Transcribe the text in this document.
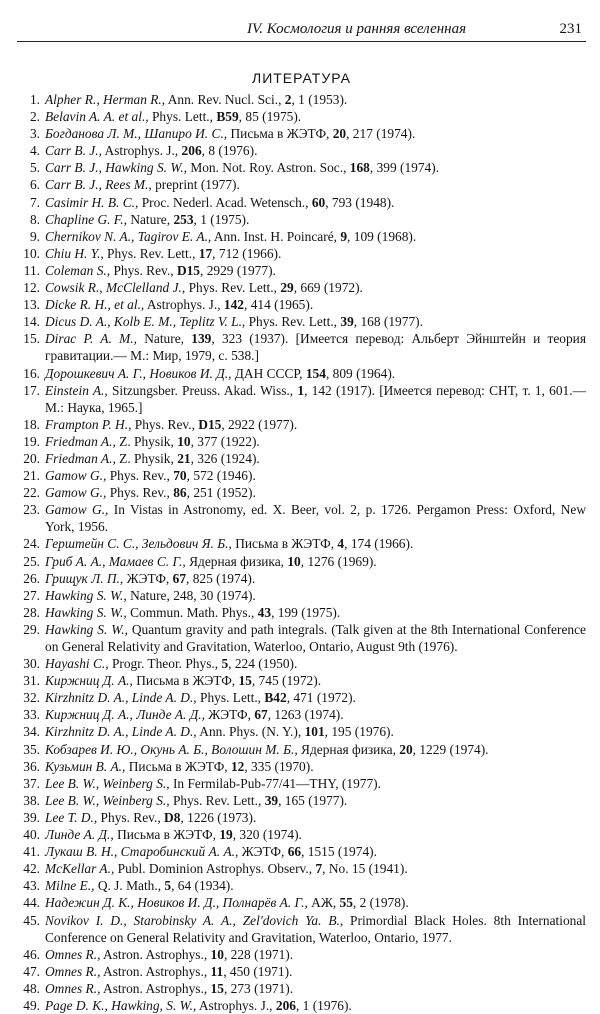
IV. Космология и ранняя вселенная	231
ЛИТЕРАТУРА
1. Alpher R., Herman R., Ann. Rev. Nucl. Sci., 2, 1 (1953).
2. Belavin A. A. et al., Phys. Lett., B59, 85 (1975).
3. Богданова Л. М., Шапиро И. С., Письма в ЖЭТФ, 20, 217 (1974).
4. Carr B. J., Astrophys. J., 206, 8 (1976).
5. Carr B. J., Hawking S. W., Mon. Not. Roy. Astron. Soc., 168, 399 (1974).
6. Carr B. J., Rees M., preprint (1977).
7. Casimir H. B. C., Proc. Nederl. Acad. Wetensch., 60, 793 (1948).
8. Chapline G. F., Nature, 253, 1 (1975).
9. Chernikov N. A., Tagirov E. A., Ann. Inst. H. Poincaré, 9, 109 (1968).
10. Chiu H. Y., Phys. Rev. Lett., 17, 712 (1966).
11. Coleman S., Phys. Rev., D15, 2929 (1977).
12. Cowsik R., McClelland J., Phys. Rev. Lett., 29, 669 (1972).
13. Dicke R. H., et al., Astrophys. J., 142, 414 (1965).
14. Dicus D. A., Kolb E. M., Teplitz V. L., Phys. Rev. Lett., 39, 168 (1977).
15. Dirac P. A. M., Nature, 139, 323 (1937). [Имеется перевод: Альберт Эйнштейн и теория гравитации.— М.: Мир, 1979, с. 538.]
16. Дорошкевич А. Г., Новиков И. Д., ДАН СССР, 154, 809 (1964).
17. Einstein A., Sitzungsber. Preuss. Akad. Wiss., 1, 142 (1917). [Имеется перевод: CHT, т. 1, 601.— М.: Наука, 1965.]
18. Frampton P. H., Phys. Rev., D15, 2922 (1977).
19. Friedman A., Z. Physik, 10, 377 (1922).
20. Friedman A., Z. Physik, 21, 326 (1924).
21. Gamow G., Phys. Rev., 70, 572 (1946).
22. Gamow G., Phys. Rev., 86, 251 (1952).
23. Gamow G., In Vistas in Astronomy, ed. X. Beer, vol. 2, p. 1726. Pergamon Press: Oxford, New York, 1956.
24. Герштейн С. С., Зельдович Я. Б., Письма в ЖЭТФ, 4, 174 (1966).
25. Гриб А. А., Мамаев С. Г., Ядерная физика, 10, 1276 (1969).
26. Грищук Л. П., ЖЭТФ, 67, 825 (1974).
27. Hawking S. W., Nature, 248, 30 (1974).
28. Hawking S. W., Commun. Math. Phys., 43, 199 (1975).
29. Hawking S. W., Quantum gravity and path integrals. (Talk given at the 8th International Conference on General Relativity and Gravitation, Waterloo, Ontario, August 9th (1976).
30. Hayashi C., Progr. Theor. Phys., 5, 224 (1950).
31. Киржниц Д. А., Письма в ЖЭТФ, 15, 745 (1972).
32. Kirzhnitz D. A., Linde A. D., Phys. Lett., B42, 471 (1972).
33. Киржниц Д. А., Линде А. Д., ЖЭТФ, 67, 1263 (1974).
34. Kirzhnitz D. A., Linde A. D., Ann. Phys. (N. Y.), 101, 195 (1976).
35. Кобзарев И. Ю., Окунь А. Б., Волошин М. Б., Ядерная физика, 20, 1229 (1974).
36. Кузьмин В. А., Письма в ЖЭТФ, 12, 335 (1970).
37. Lee B. W., Weinberg S., In Fermilab-Pub-77/41—THY, (1977).
38. Lee B. W., Weinberg S., Phys. Rev. Lett., 39, 165 (1977).
39. Lee T. D., Phys. Rev., D8, 1226 (1973).
40. Линде А. Д., Письма в ЖЭТФ, 19, 320 (1974).
41. Лукаш В. Н., Старобинский А. А., ЖЭТФ, 66, 1515 (1974).
42. McKellar A., Publ. Dominion Astrophys. Observ., 7, No. 15 (1941).
43. Milne E., Q. J. Math., 5, 64 (1934).
44. Надежин Д. К., Новиков И. Д., Полнарёв А. Г., АЖ, 55, 2 (1978).
45. Novikov I. D., Starobinsky A. A., Zel'dovich Ya. B., Primordial Black Holes. 8th International Conference on General Relativity and Gravitation, Waterloo, Ontario, 1977.
46. Omnes R., Astron. Astrophys., 10, 228 (1971).
47. Omnes R., Astron. Astrophys., 11, 450 (1971).
48. Omnes R., Astron. Astrophys., 15, 273 (1971).
49. Page D. K., Hawking, S. W., Astrophys. J., 206, 1 (1976).
